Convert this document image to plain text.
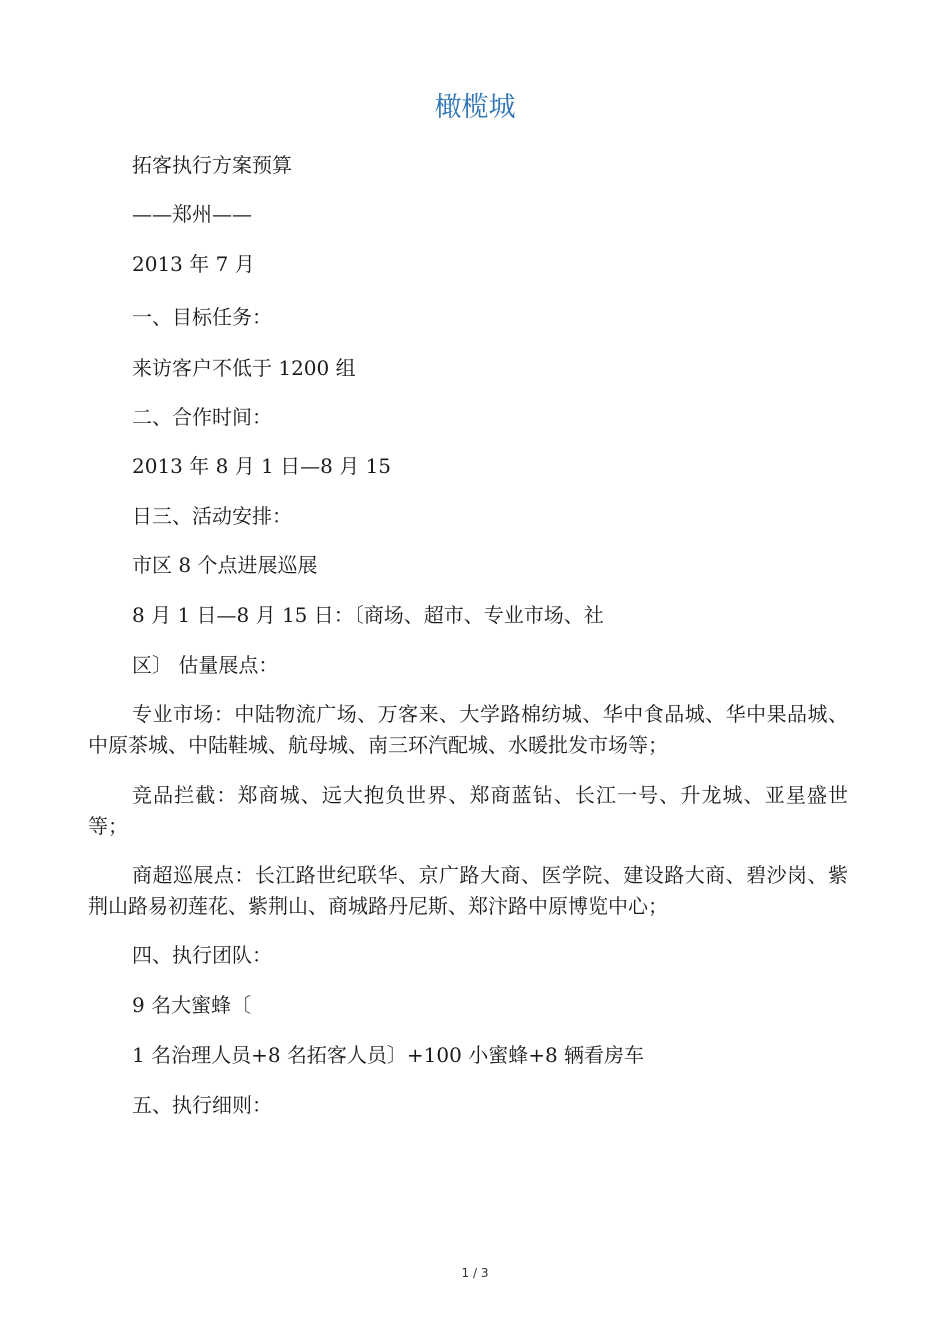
橄榄城
拓客执行方案预算
——郑州——
2013 年 7 月
一、目标任务：
来访客户不低于 1200 组
二、合作时间：
2013 年 8 月 1 日—8 月 15
日三、活动安排：
市区 8 个点进展巡展
8 月 1 日—8 月 15 日：〔商场、超市、专业市场、社
区〕 估量展点：
专业市场：中陆物流广场、万客来、大学路棉纺城、华中食品城、华中果品城、中原茶城、中陆鞋城、航母城、南三环汽配城、水暖批发市场等；
竞品拦截：郑商城、远大抱负世界、郑商蓝钻、长江一号、升龙城、亚星盛世等；
商超巡展点：长江路世纪联华、京广路大商、医学院、建设路大商、碧沙岗、紫荆山路易初莲花、紫荆山、商城路丹尼斯、郑汴路中原博览中心；
四、执行团队：
9 名大蜜蜂〔
1 名治理人员+8 名拓客人员〕+100 小蜜蜂+8 辆看房车
五、执行细则：
1 / 3
